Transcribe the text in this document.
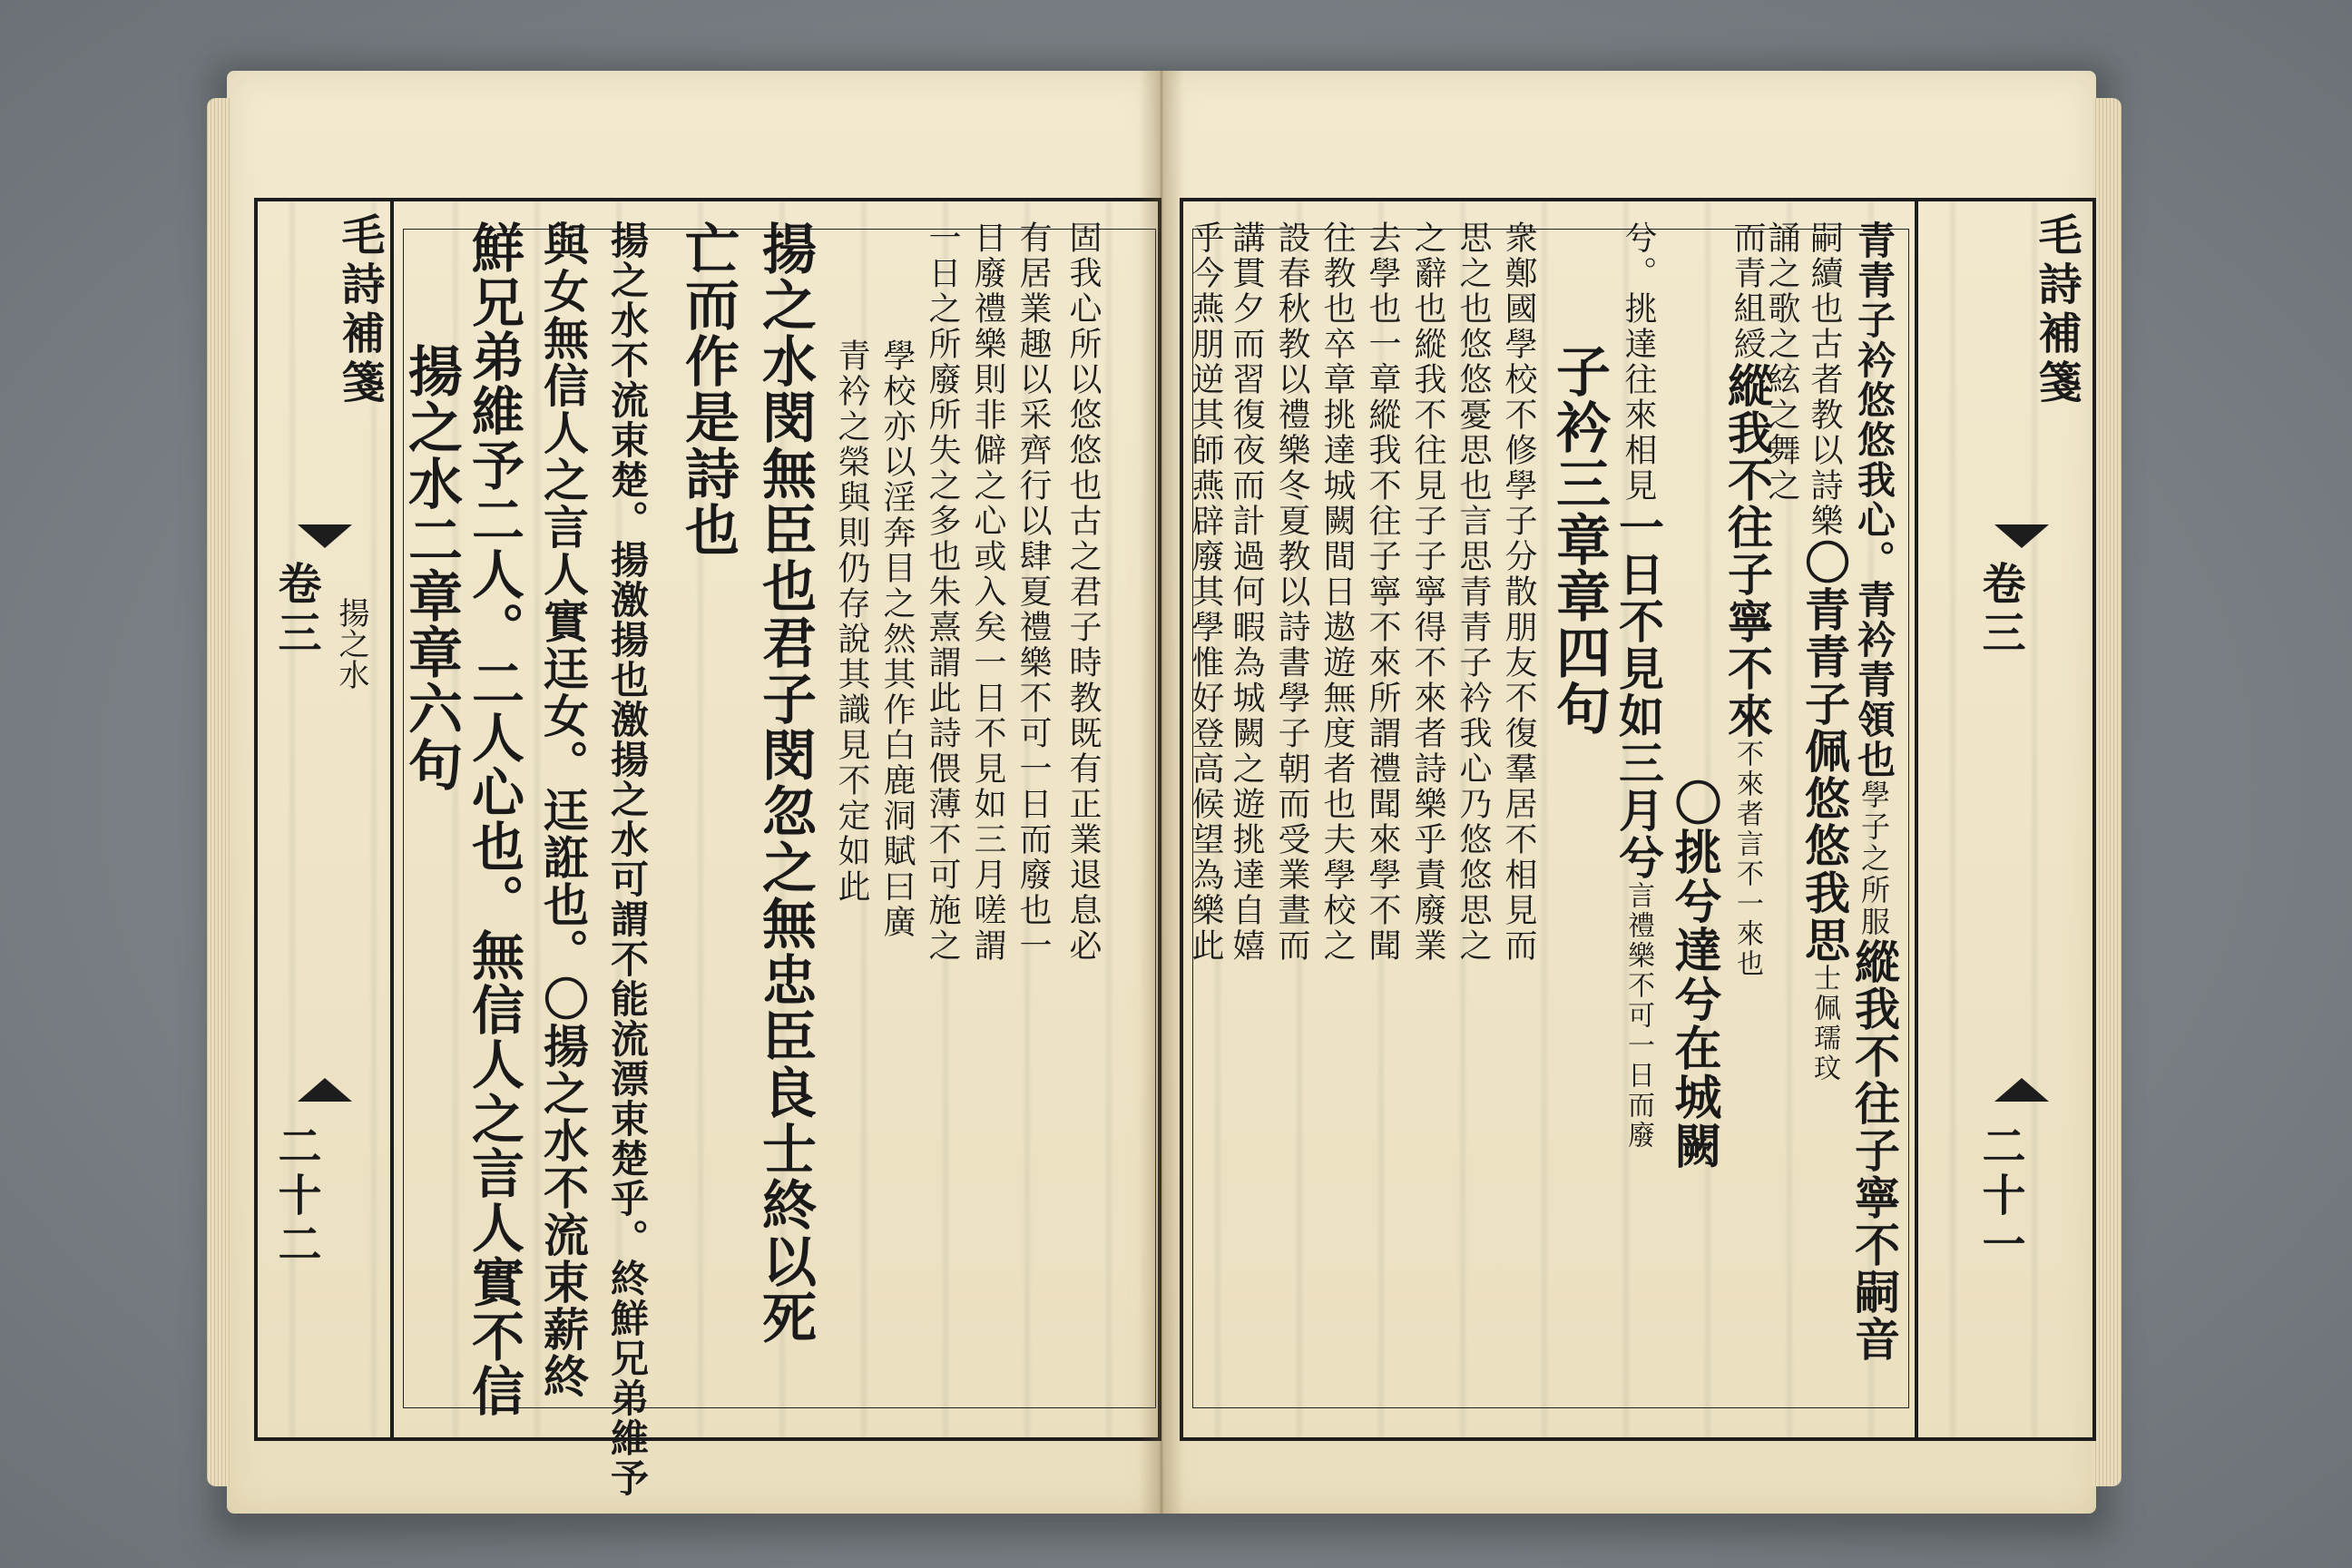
毛詩補箋
卷三 揚之水
二十二
揚之水二章章六句 鮮兄弟維予二人。二人心也。無信人之言人實不信 與女無信人之言人實迋女。迋誑也。〇揚之水不流束薪終 揚之水不流束楚。揚激揚也激揚之水可謂不能流漂束楚乎。終鮮兄弟維予 亡而作是詩也 揚之水閔無臣也君子閔忽之無忠臣良士終以死 青衿之榮與則仍存說其識見不定如此 學校亦以淫奔目之然其作白鹿洞賦曰廣 一日之所廢所失之多也朱熹謂此詩偎薄不可施之 日廢禮樂則非僻之心或入矣一日不見如三月嗟謂 有居業趣以采齊行以肆夏禮樂不可一日而廢也一 固我心所以悠悠也古之君子時教既有正業退息必	毛詩補箋
卷三
二十一
青青子衿悠悠我心。青衿青領也學子之所服縱我不往子寧不嗣音
嗣續也古者教以詩樂〇青青子佩悠悠我思士佩瓀玟
誦之歌之絃之舞之
而青組綬縱我不往子寧不來不來者言不一來也
〇挑兮達兮在城闕
兮。挑達往來相見一日不見如三月兮言禮樂不可一日而廢
子衿三章章四句
衆鄭國學校不修學子分散朋友不復羣居不相見而
思之也悠悠憂思也言思青青子衿我心乃悠悠思之
之辭也縱我不往見子子寧得不來者詩樂乎責廢業
去學也一章縱我不往子寧不來所謂禮聞來學不聞
往教也卒章挑達城闕間日遨遊無度者也夫學校之
設春秋教以禮樂冬夏教以詩書學子朝而受業晝而
講貫夕而習復夜而計過何暇為城闕之遊挑達自嬉
乎今燕朋逆其師燕辟廢其學惟好登高候望為樂此
